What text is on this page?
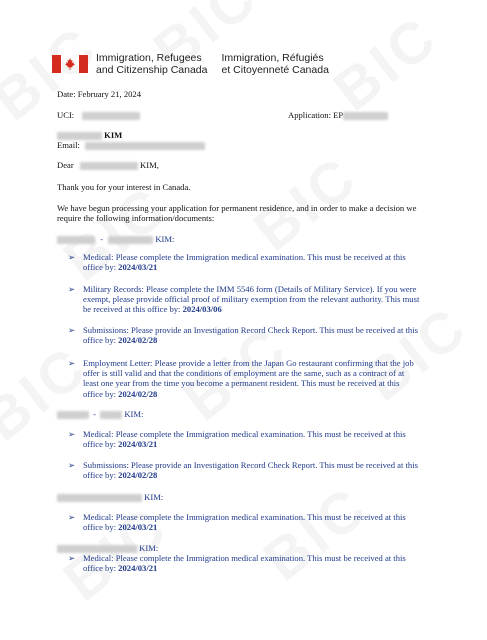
Immigration, Refugees
and Citizenship Canada
Immigration, Réfugiés
et Citoyenneté Canada
Date: February 21, 2024
UCI:	Application: EP
KIM
Email:
Dear	KIM,
Thank you for your interest in Canada.
We have begun processing your application for permanent residence, and in order to make a decision we
require the following information/documents:
-	KIM:
➢ Medical: Please complete the Immigration medical examination. This must be received at this
office by: 2024/03/21
➢ Military Records: Please complete the IMM 5546 form (Details of Military Service). If you were
exempt, please provide official proof of military exemption from the relevant authority. This must
be received at this office by: 2024/03/06
➢ Submissions: Please provide an Investigation Record Check Report. This must be received at this
office by: 2024/02/28
➢ Employment Letter: Please provide a letter from the Japan Go restaurant confirming that the job
offer is still valid and that the conditions of employment are the same, such as a contract of at
least one year from the time you become a permanent resident. This must be received at this
office by: 2024/02/28
-	KIM:
➢ Medical: Please complete the Immigration medical examination. This must be received at this
office by: 2024/03/21
➢ Submissions: Please provide an Investigation Record Check Report. This must be received at this
office by: 2024/02/28
KIM:
➢ Medical: Please complete the Immigration medical examination. This must be received at this
office by: 2024/03/21
KIM:
➢ Medical: Please complete the Immigration medical examination. This must be received at this
office by: 2024/03/21
